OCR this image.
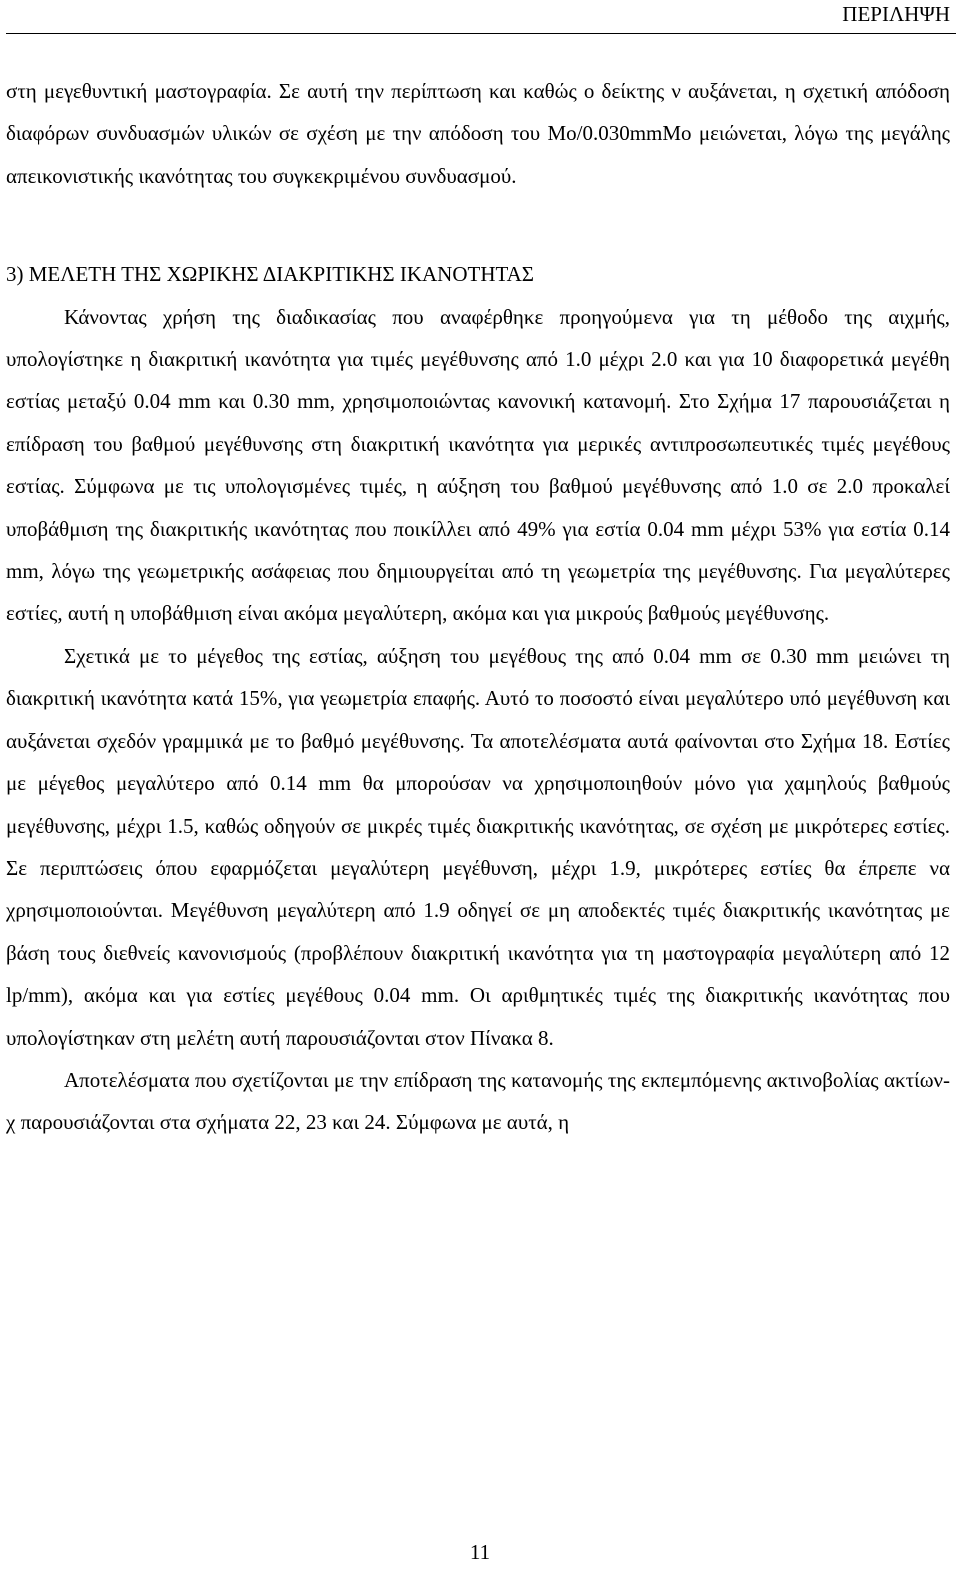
ΠΕΡΙΛΗΨΗ

στη μεγεθυντική μαστογραφία. Σε αυτή την περίπτωση και καθώς ο δείκτης ν αυξάνεται, η σχετική απόδοση διαφόρων συνδυασμών υλικών σε σχέση με την απόδοση του Mo/0.030mmMo μειώνεται, λόγω της μεγάλης απεικονιστικής ικανότητας του συγκεκριμένου συνδυασμού.

3) ΜΕΛΕΤΗ ΤΗΣ ΧΩΡΙΚΗΣ ΔΙΑΚΡΙΤΙΚΗΣ ΙΚΑΝΟΤΗΤΑΣ

Κάνοντας χρήση της διαδικασίας που αναφέρθηκε προηγούμενα για τη μέθοδο της αιχμής, υπολογίστηκε η διακριτική ικανότητα για τιμές μεγέθυνσης από 1.0 μέχρι 2.0 και για 10 διαφορετικά μεγέθη εστίας μεταξύ 0.04 mm και 0.30 mm, χρησιμοποιώντας κανονική κατανομή. Στο Σχήμα 17 παρουσιάζεται η επίδραση του βαθμού μεγέθυνσης στη διακριτική ικανότητα για μερικές αντιπροσωπευτικές τιμές μεγέθους εστίας. Σύμφωνα με τις υπολογισμένες τιμές, η αύξηση του βαθμού μεγέθυνσης από 1.0 σε 2.0 προκαλεί υποβάθμιση της διακριτικής ικανότητας που ποικίλλει από 49% για εστία 0.04 mm μέχρι 53% για εστία 0.14 mm, λόγω της γεωμετρικής ασάφειας που δημιουργείται από τη γεωμετρία της μεγέθυνσης. Για μεγαλύτερες εστίες, αυτή η υποβάθμιση είναι ακόμα μεγαλύτερη, ακόμα και για μικρούς βαθμούς μεγέθυνσης.

Σχετικά με το μέγεθος της εστίας, αύξηση του μεγέθους της από 0.04 mm σε 0.30 mm μειώνει τη διακριτική ικανότητα κατά 15%, για γεωμετρία επαφής. Αυτό το ποσοστό είναι μεγαλύτερο υπό μεγέθυνση και αυξάνεται σχεδόν γραμμικά με το βαθμό μεγέθυνσης. Τα αποτελέσματα αυτά φαίνονται στο Σχήμα 18. Εστίες με μέγεθος μεγαλύτερο από 0.14 mm θα μπορούσαν να χρησιμοποιηθούν μόνο για χαμηλούς βαθμούς μεγέθυνσης, μέχρι 1.5, καθώς οδηγούν σε μικρές τιμές διακριτικής ικανότητας, σε σχέση με μικρότερες εστίες. Σε περιπτώσεις όπου εφαρμόζεται μεγαλύτερη μεγέθυνση, μέχρι 1.9, μικρότερες εστίες θα έπρεπε να χρησιμοποιούνται. Μεγέθυνση μεγαλύτερη από 1.9 οδηγεί σε μη αποδεκτές τιμές διακριτικής ικανότητας με βάση τους διεθνείς κανονισμούς (προβλέπουν διακριτική ικανότητα για τη μαστογραφία μεγαλύτερη από 12 lp/mm), ακόμα και για εστίες μεγέθους 0.04 mm. Οι αριθμητικές τιμές της διακριτικής ικανότητας που υπολογίστηκαν στη μελέτη αυτή παρουσιάζονται στον Πίνακα 8.

Αποτελέσματα που σχετίζονται με την επίδραση της κατανομής της εκπεμπόμενης ακτινοβολίας ακτίων-χ παρουσιάζονται στα σχήματα 22, 23 και 24. Σύμφωνα με αυτά, η

11
